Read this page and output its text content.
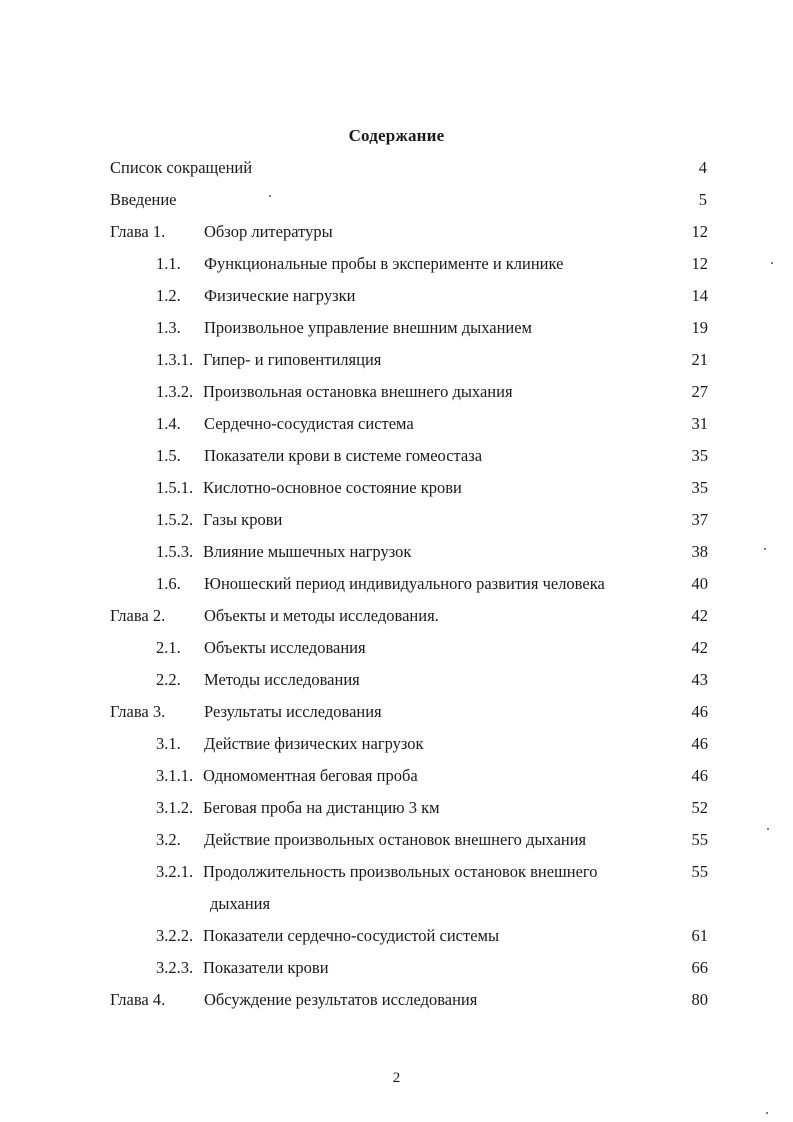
Содержание
Список сокращений	4
Введение	5
Глава 1. Обзор литературы	12
1.1. Функциональные пробы в эксперименте и клинике	12
1.2. Физические нагрузки	14
1.3. Произвольное управление внешним дыханием	19
1.3.1. Гипер- и гиповентиляция	21
1.3.2. Произвольная остановка внешнего дыхания	27
1.4. Сердечно-сосудистая система	31
1.5. Показатели крови в системе гомеостаза	35
1.5.1. Кислотно-основное состояние крови	35
1.5.2. Газы крови	37
1.5.3. Влияние мышечных нагрузок	38
1.6. Юношеский период индивидуального развития человека	40
Глава 2. Объекты и методы исследования.	42
2.1. Объекты исследования	42
2.2. Методы исследования	43
Глава 3. Результаты исследования	46
3.1. Действие физических нагрузок	46
3.1.1. Одномоментная беговая проба	46
3.1.2. Беговая проба на дистанцию 3 км	52
3.2. Действие произвольных остановок внешнего дыхания	55
3.2.1. Продолжительность произвольных остановок внешнего	55
дыхания
3.2.2. Показатели сердечно-сосудистой системы	61
3.2.3. Показатели крови	66
Глава 4. Обсуждение результатов исследования	80
2
